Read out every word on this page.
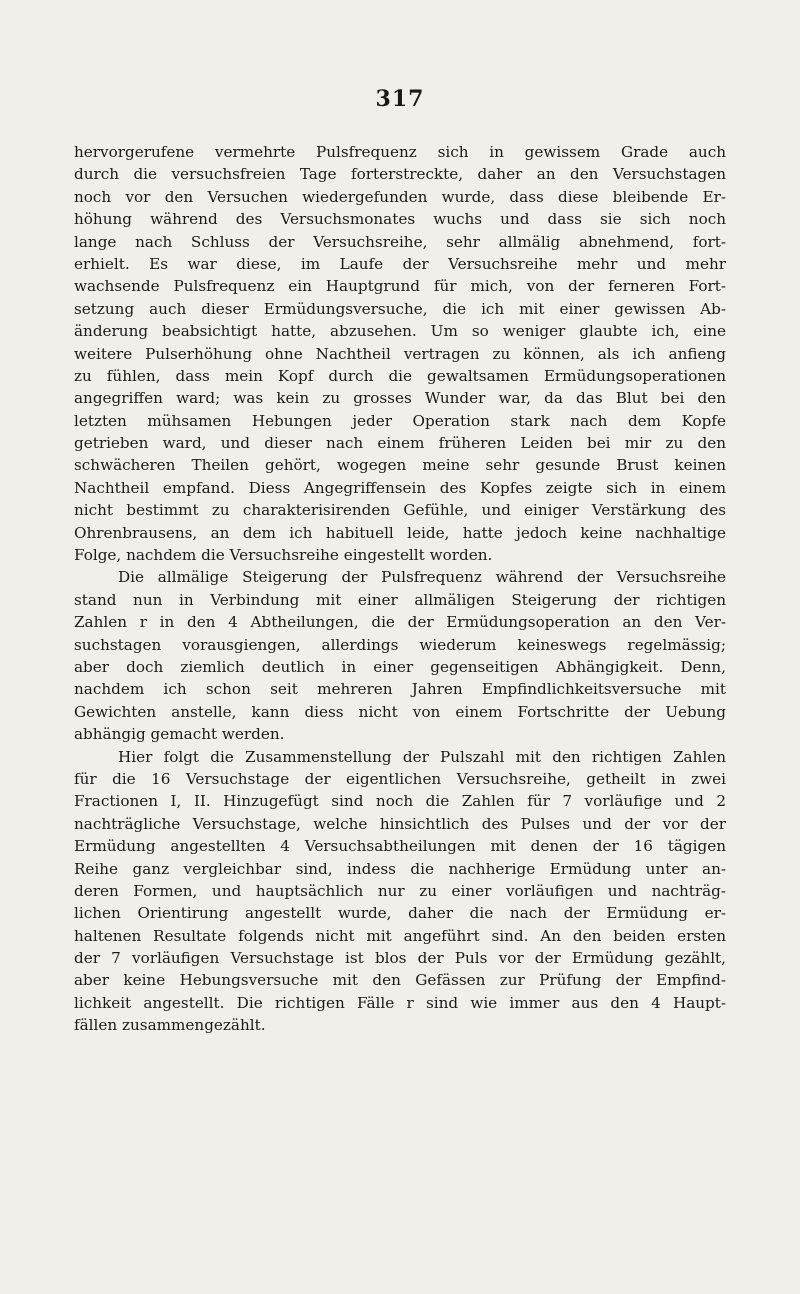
317
hervorgerufene vermehrte Pulsfrequenz sich in gewissem Grade auch
durch die versuchsfreien Tage forterstreckte, daher an den Versuchstagen
noch vor den Versuchen wiedergefunden wurde, dass diese bleibende Er-
höhung während des Versuchsmonates wuchs und dass sie sich noch
lange nach Schluss der Versuchsreihe, sehr allmälig abnehmend, fort-
erhielt. Es war diese, im Laufe der Versuchsreihe mehr und mehr
wachsende Pulsfrequenz ein Hauptgrund für mich, von der ferneren Fort-
setzung auch dieser Ermüdungsversuche, die ich mit einer gewissen Ab-
änderung beabsichtigt hatte, abzusehen. Um so weniger glaubte ich, eine
weitere Pulserhöhung ohne Nachtheil vertragen zu können, als ich anfieng
zu fühlen, dass mein Kopf durch die gewaltsamen Ermüdungsoperationen
angegriffen ward; was kein zu grosses Wunder war, da das Blut bei den
letzten mühsamen Hebungen jeder Operation stark nach dem Kopfe
getrieben ward, und dieser nach einem früheren Leiden bei mir zu den
schwächeren Theilen gehört, wogegen meine sehr gesunde Brust keinen
Nachtheil empfand. Diess Angegriffensein des Kopfes zeigte sich in einem
nicht bestimmt zu charakterisirenden Gefühle, und einiger Verstärkung des
Ohrenbrausens, an dem ich habituell leide, hatte jedoch keine nachhaltige
Folge, nachdem die Versuchsreihe eingestellt worden.
Die allmälige Steigerung der Pulsfrequenz während der Versuchsreihe
stand nun in Verbindung mit einer allmäligen Steigerung der richtigen
Zahlen r in den 4 Abtheilungen, die der Ermüdungsoperation an den Ver-
suchstagen vorausgiengen, allerdings wiederum keineswegs regelmässig;
aber doch ziemlich deutlich in einer gegenseitigen Abhängigkeit. Denn,
nachdem ich schon seit mehreren Jahren Empfindlichkeitsversuche mit
Gewichten anstelle, kann diess nicht von einem Fortschritte der Uebung
abhängig gemacht werden.
Hier folgt die Zusammenstellung der Pulszahl mit den richtigen Zahlen
für die 16 Versuchstage der eigentlichen Versuchsreihe, getheilt in zwei
Fractionen I, II. Hinzugefügt sind noch die Zahlen für 7 vorläufige und 2
nachträgliche Versuchstage, welche hinsichtlich des Pulses und der vor der
Ermüdung angestellten 4 Versuchsabtheilungen mit denen der 16 tägigen
Reihe ganz vergleichbar sind, indess die nachherige Ermüdung unter an-
deren Formen, und hauptsächlich nur zu einer vorläufigen und nachträg-
lichen Orientirung angestellt wurde, daher die nach der Ermüdung er-
haltenen Resultate folgends nicht mit angeführt sind. An den beiden ersten
der 7 vorläufigen Versuchstage ist blos der Puls vor der Ermüdung gezählt,
aber keine Hebungsversuche mit den Gefässen zur Prüfung der Empfind-
lichkeit angestellt. Die richtigen Fälle r sind wie immer aus den 4 Haupt-
fällen zusammengezählt.
